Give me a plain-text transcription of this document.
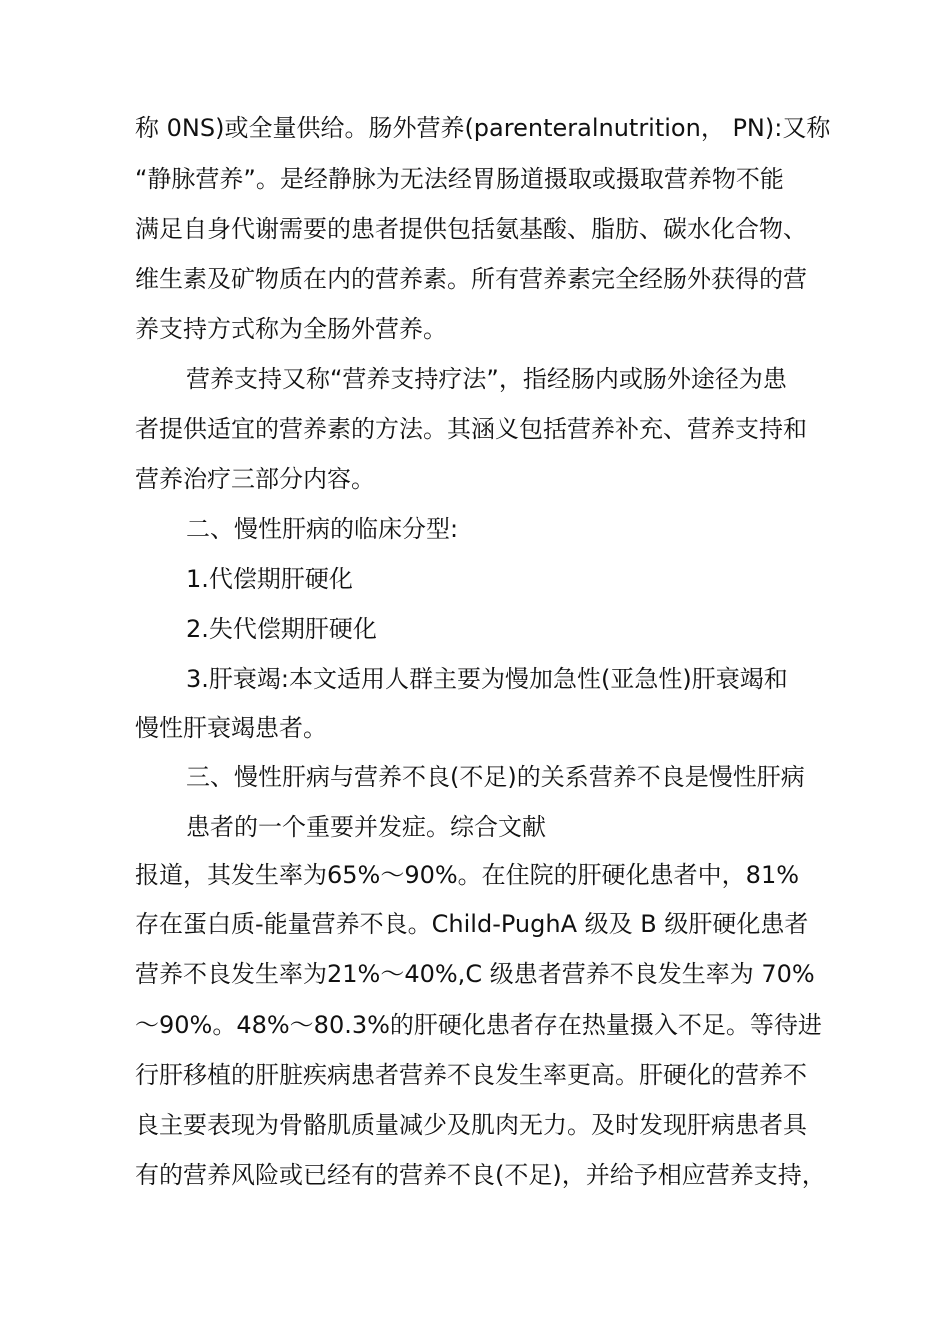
称 0NS)或全量供给。肠外营养(parenteralnutrition， PN):又称
“静脉营养”。是经静脉为无法经胃肠道摄取或摄取营养物不能
满足自身代谢需要的患者提供包括氨基酸、脂肪、碳水化合物、
维生素及矿物质在内的营养素。所有营养素完全经肠外获得的营
养支持方式称为全肠外营养。
营养支持又称“营养支持疗法”，指经肠内或肠外途径为患
者提供适宜的营养素的方法。其涵义包括营养补充、营养支持和
营养治疗三部分内容。
二、慢性肝病的临床分型:
1.代偿期肝硬化
2.失代偿期肝硬化
3.肝衰竭:本文适用人群主要为慢加急性(亚急性)肝衰竭和
慢性肝衰竭患者。
三、慢性肝病与营养不良(不足)的关系营养不良是慢性肝病
患者的一个重要并发症。综合文献
报道，其发生率为65%〜90%。在住院的肝硬化患者中，81%
存在蛋白质-能量营养不良。Child-PughA 级及 B 级肝硬化患者
营养不良发生率为21%〜40%,C 级患者营养不良发生率为 70%
〜90%。48%〜80.3%的肝硬化患者存在热量摄入不足。等待进
行肝移植的肝脏疾病患者营养不良发生率更高。肝硬化的营养不
良主要表现为骨骼肌质量减少及肌肉无力。及时发现肝病患者具
有的营养风险或已经有的营养不良(不足)，并给予相应营养支持，
